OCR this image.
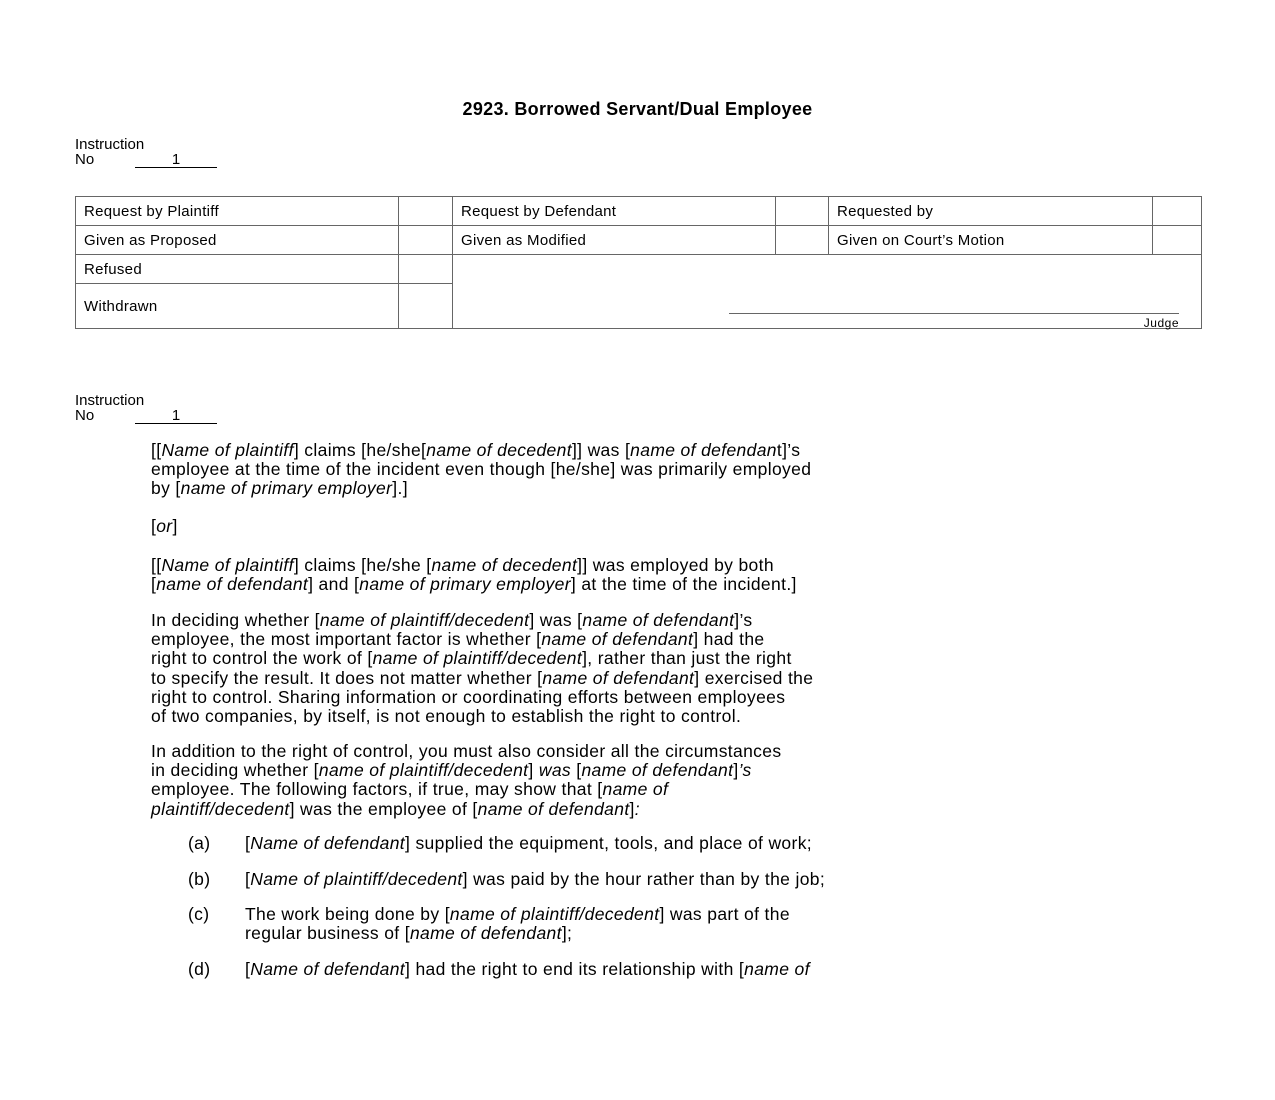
2923. Borrowed Servant/Dual Employee
Instruction
No	1
Request by Plaintiff		Request by Defendant		Requested by	
Given as Proposed		Given as Modified		Given on Court’s Motion	
Refused		Judge			

Withdrawn					
Instruction
No	1
[[Name of plaintiff] claims [he/she[name of decedent]] was [name of defendant]’s
employee at the time of the incident even though [he/she] was primarily employed
by [name of primary employer].]
[or]
[[Name of plaintiff] claims [he/she [name of decedent]] was employed by both
[name of defendant] and [name of primary employer] at the time of the incident.]
In deciding whether [name of plaintiff/decedent] was [name of defendant]’s
employee, the most important factor is whether [name of defendant] had the
right to control the work of [name of plaintiff/decedent], rather than just the right
to specify the result. It does not matter whether [name of defendant] exercised the
right to control. Sharing information or coordinating efforts between employees
of two companies, by itself, is not enough to establish the right to control.
In addition to the right of control, you must also consider all the circumstances
in deciding whether [name of plaintiff/decedent] was [name of defendant]’s
employee. The following factors, if true, may show that [name of
plaintiff/decedent] was the employee of [name of defendant]:
(a) [Name of defendant] supplied the equipment, tools, and place of work;
(b) [Name of plaintiff/decedent] was paid by the hour rather than by the job;
(c) The work being done by [name of plaintiff/decedent] was part of the
regular business of [name of defendant];
(d) [Name of defendant] had the right to end its relationship with [name of
